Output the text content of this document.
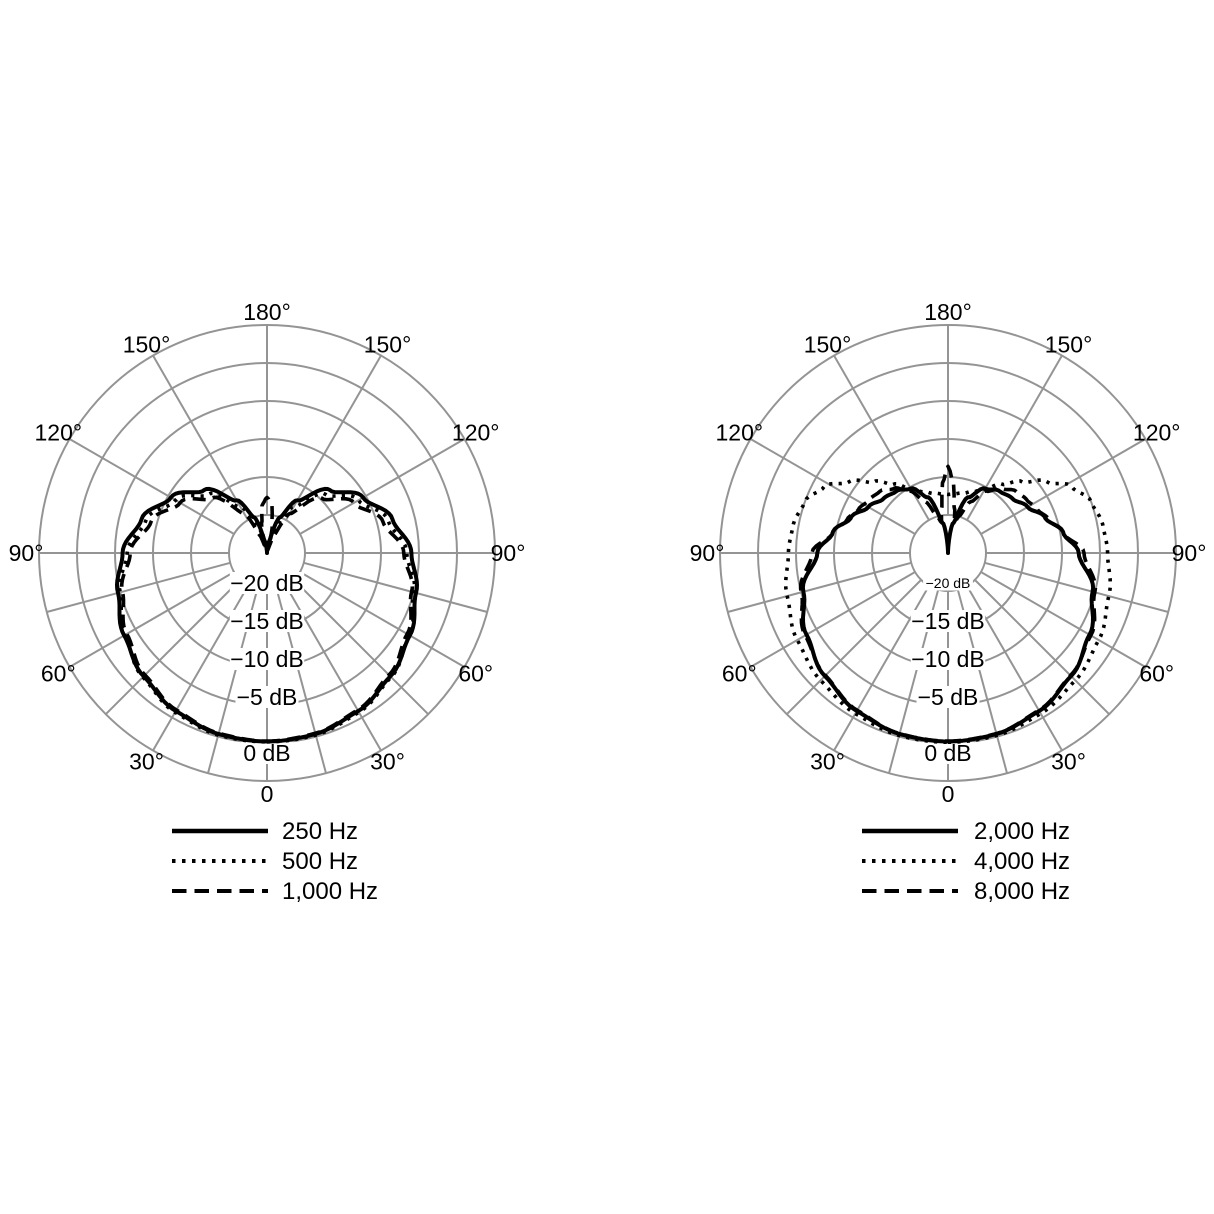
180°
150°
150°
120°
120°
90°
90°
60°
60°
30°
30°
0
−20 dB
−15 dB
−10 dB
−5 dB
0 dB
250 Hz
500 Hz
1,000 Hz
180°
150°
150°
120°
120°
90°
90°
60°
60°
30°
30°
0
−20 dB
−15 dB
−10 dB
−5 dB
0 dB
2,000 Hz
4,000 Hz
8,000 Hz
